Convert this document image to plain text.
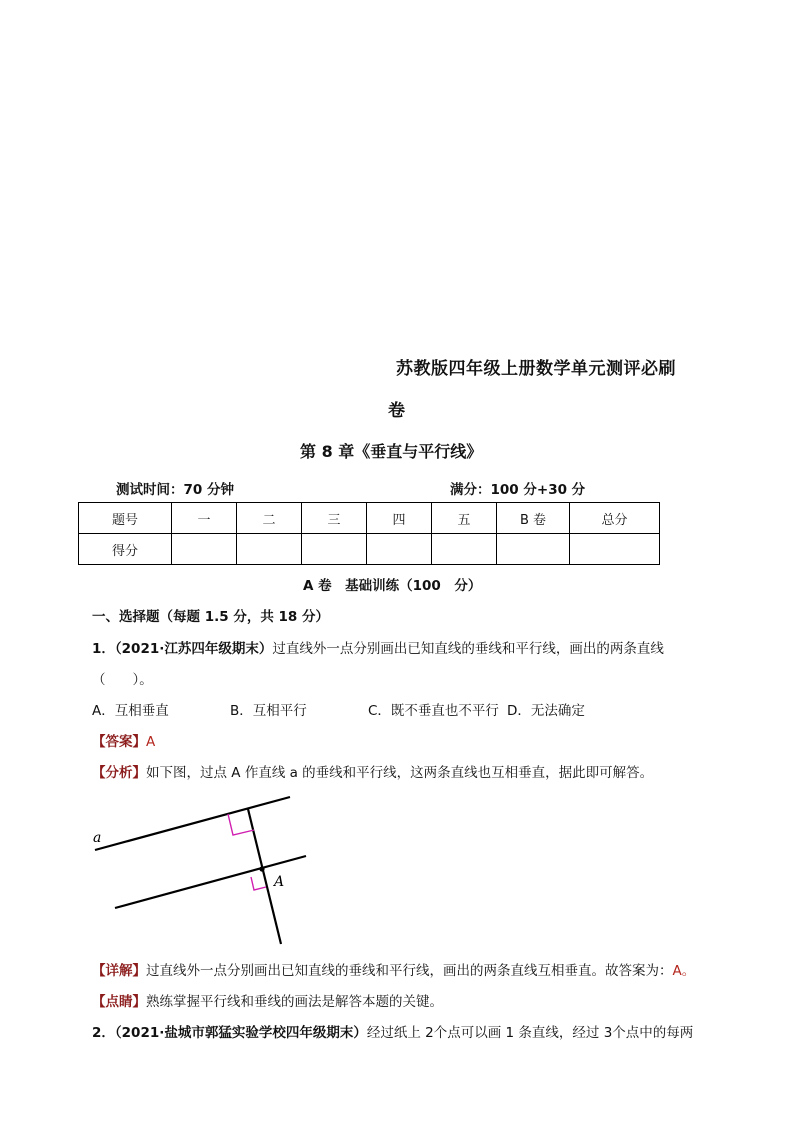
苏教版四年级上册数学单元测评必刷
卷
第 8 章《垂直与平行线》
测试时间：70 分钟	满分：100 分+30 分
题号	一	二	三	四	五	B 卷	总分
得分							
A 卷　基础训练（100　分）
一、选择题（每题 1.5 分，共 18 分）
1．（2021·江苏四年级期末）过直线外一点分别画出已知直线的垂线和平行线，画出的两条直线
（　　）。
A．互相垂直	B．互相平行	C．既不垂直也不平行 D．无法确定
【答案】A
【分析】如下图，过点 A 作直线 a 的垂线和平行线，这两条直线也互相垂直，据此即可解答。
a
A
【详解】过直线外一点分别画出已知直线的垂线和平行线，画出的两条直线互相垂直。故答案为：A。
【点睛】熟练掌握平行线和垂线的画法是解答本题的关键。
2．（2021·盐城市郭猛实验学校四年级期末）经过纸上 2个点可以画 1 条直线，经过 3个点中的每两
